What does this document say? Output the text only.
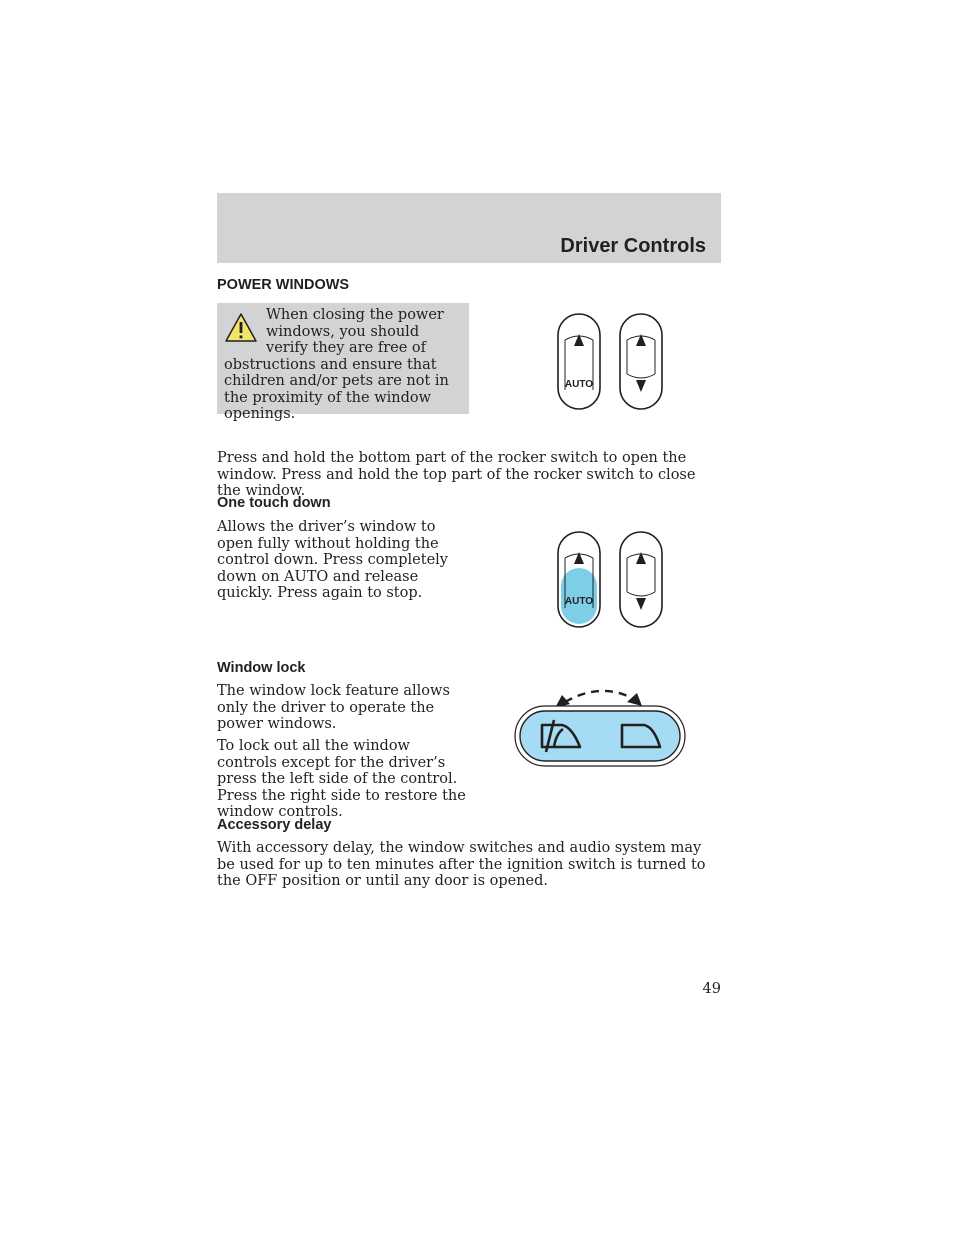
Driver Controls
POWER WINDOWS

When closing the power windows, you should verify they are free of obstructions and ensure that children and/or pets are not in the proximity of the window openings.

AUTO

Press and hold the bottom part of the rocker switch to open the window. Press and hold the top part of the rocker switch to close the window.

One touch down

Allows the driver’s window to open fully without holding the control down. Press completely down on AUTO and release quickly. Press again to stop.

AUTO
Window lock

The window lock feature allows only the driver to operate the power windows.

To lock out all the window controls except for the driver’s press the left side of the control. Press the right side to restore the window controls.

Accessory delay

With accessory delay, the window switches and audio system may be used for up to ten minutes after the ignition switch is turned to the OFF position or until any door is opened.

49
